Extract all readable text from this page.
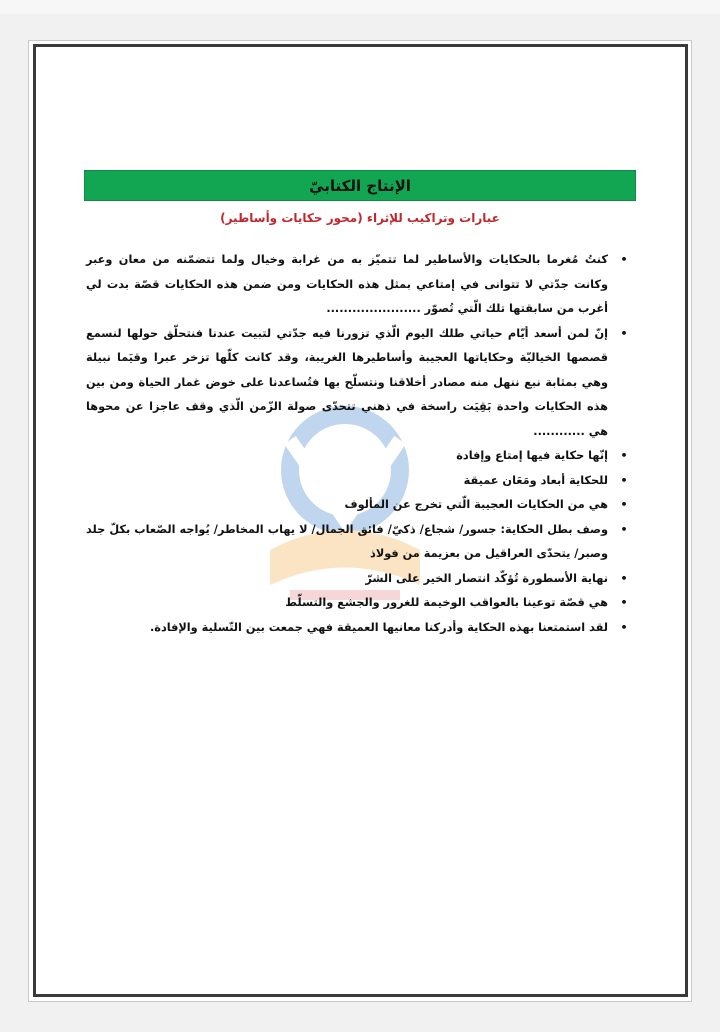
الإنتاج الكتابيّ
عبارات وتراكيب للإثراء (محور حكايات وأساطير)
•
كنتُ مُغرما بالحكايات والأساطير لما تتميّز به من غرابة وخيال ولما تتضمّنه من معان وعبر وكانت جدّتي لا تتوانى في إمتاعي بمثل هذه الحكايات ومن ضمن هذه الحكايات قصّة بدت لي أغرب من سابقتها تلك الّتي تُصوّر ......................
•
إنّ لمن أسعد أيّام حياتي طلك اليوم الّذي تزورنا فيه جدّتي لتبيت عندنا فنتحلّق حولها لنسمع قصصها الخياليّة وحكاياتها العجيبة وأساطيرها الغريبة، وقد كانت كلّها تزخر عبرا وقيَما نبيلة وهي بمثابة نبع ننهل منه مصادر أخلاقنا ونتسلّح بها فتُساعدنا على خوض غمار الحياة ومن بين هذه الحكايات واحدة بَقِيَت راسخة في ذهني تتحدّى صولة الزّمن الّذي وقف عاجزا عن محوها هي ............
•
إنّها حكاية فيها إمتاع وإفادة
•
للحكاية أبعاد ومَعَان عميقة
•
هي من الحكايات العجيبة الّتي تخرج عن المألوف
•
وصف بطل الحكاية: جسور/ شجاع/ ذكيّ/ فائق الجمال/ لا يهاب المخاطر/ يُواجه الصّعاب بكلّ جلد وصبر/ يتحدّى العراقيل من بعزيمة من فولاذ
•
نهاية الأسطورة تُؤكّد انتصار الخير على الشرّ
•
هي قصّة توعينا بالعواقب الوخيمة للغرور والجشع والتسلّط
•
لقد استمتعنا بهذه الحكاية وأدركنا معانيها العميقة فهي جمعت بين التّسلية والإفادة.
